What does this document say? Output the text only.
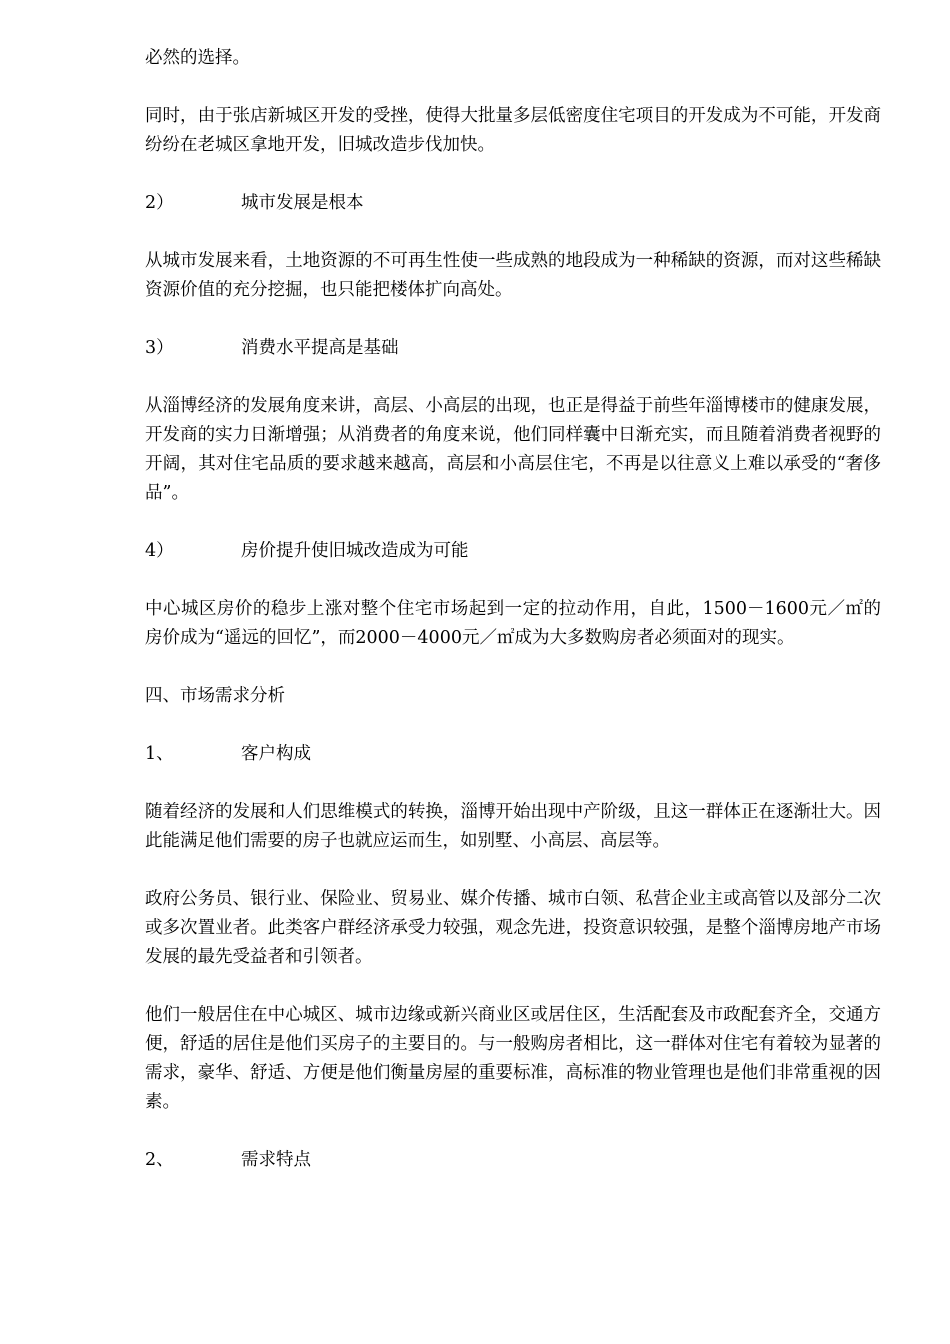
必然的选择。

同时，由于张店新城区开发的受挫，使得大批量多层低密度住宅项目的开发成为不可能，开发商纷纷在老城区拿地开发，旧城改造步伐加快。

2）	城市发展是根本

从城市发展来看，土地资源的不可再生性使一些成熟的地段成为一种稀缺的资源，而对这些稀缺资源价值的充分挖掘，也只能把楼体扩向高处。

3）	消费水平提高是基础

从淄博经济的发展角度来讲，高层、小高层的出现，也正是得益于前些年淄博楼市的健康发展，开发商的实力日渐增强；从消费者的角度来说，他们同样囊中日渐充实，而且随着消费者视野的开阔，其对住宅品质的要求越来越高，高层和小高层住宅，不再是以往意义上难以承受的“奢侈品”。

4）	房价提升使旧城改造成为可能

中心城区房价的稳步上涨对整个住宅市场起到一定的拉动作用，自此，1500－1600元／㎡的房价成为“遥远的回忆”，而2000－4000元／㎡成为大多数购房者必须面对的现实。

四、市场需求分析

1、	客户构成

随着经济的发展和人们思维模式的转换，淄博开始出现中产阶级，且这一群体正在逐渐壮大。因此能满足他们需要的房子也就应运而生，如别墅、小高层、高层等。

政府公务员、银行业、保险业、贸易业、媒介传播、城市白领、私营企业主或高管以及部分二次或多次置业者。此类客户群经济承受力较强，观念先进，投资意识较强，是整个淄博房地产市场发展的最先受益者和引领者。

他们一般居住在中心城区、城市边缘或新兴商业区或居住区，生活配套及市政配套齐全，交通方便，舒适的居住是他们买房子的主要目的。与一般购房者相比，这一群体对住宅有着较为显著的需求，豪华、舒适、方便是他们衡量房屋的重要标准，高标准的物业管理也是他们非常重视的因素。

2、	需求特点
